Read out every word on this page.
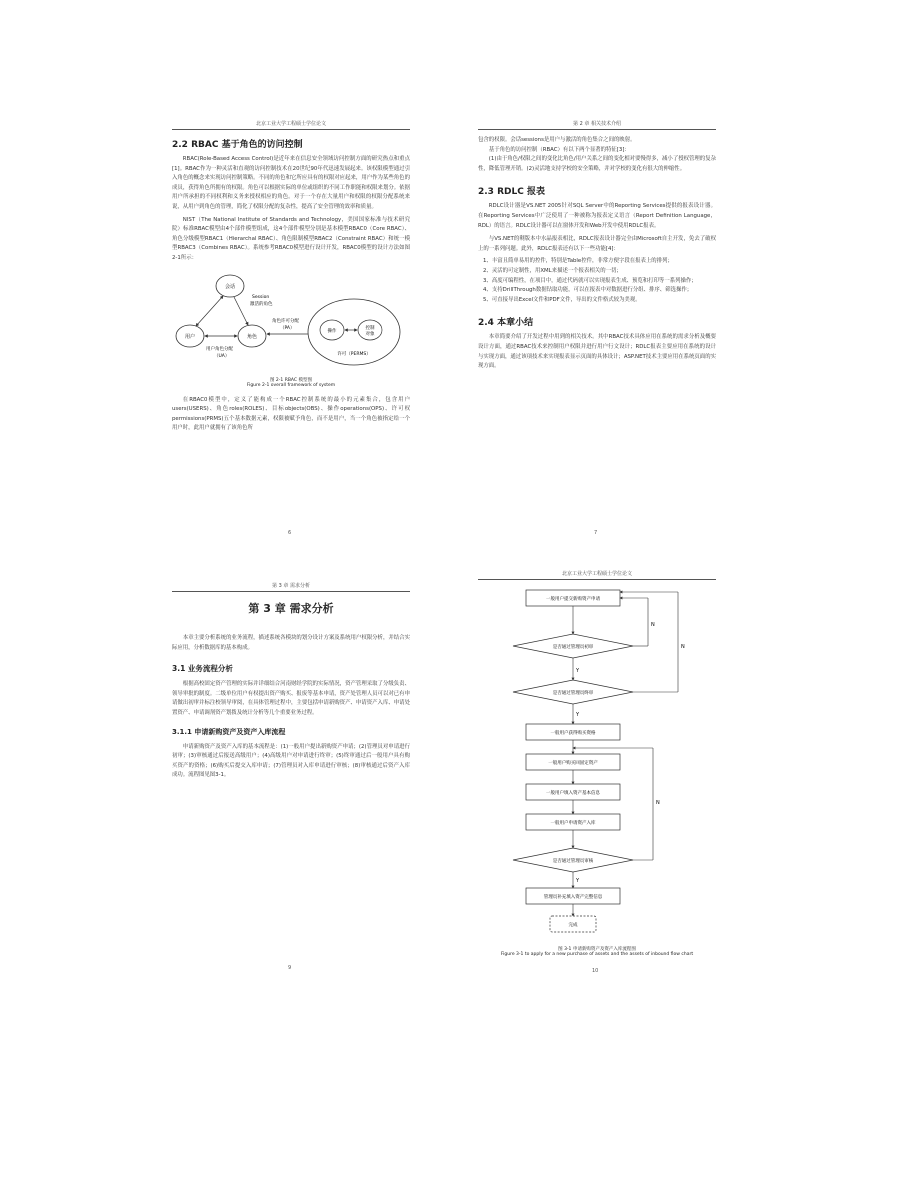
北京工业大学工程硕士学位论文
2.2 RBAC 基于角色的访问控制

RBAC(Role-Based Access Control)是近年来在信息安全领域访问控制方面的研究热点和重点[1]。RBAC作为一种灵活和直观的访问控制技术在20世纪90年代迅速发展起来。该权限模型通过引入角色的概念来实现访问控制策略。不同的角色和它所应具有的权限对应起来，用户作为某些角色的成员，获得角色所拥有的权限。角色可以根据实际的单位或组织的不同工作职能和权限来划分。依据用户所承担的不同权利和义务来授权相应的角色。对于一个存在大量用户和权限的权限分配系统来说，从用户到角色的管理，简化了权限分配的复杂性，提高了安全管理的效率和质量。

NIST（The National Institute of Standards and Technology，美国国家标准与技术研究院）标准RBAC模型由4个部件模型组成，这4个部件模型分别是基本模型RBAC0（Core RBAC）、角色分级模型RBAC1（Hierarchal RBAC）、角色限制模型RBAC2（Constraint RBAC）和统一模型RBAC3（Combines RBAC）。系统参考RBAC0模型进行设计开发，RBAC0模型的设计方法如图2-1所示：

会话
Session
激活的角色
用户	角色
用户角色分配
（UA）
角色许可分配
（PA）
操作
控制
对象
许可（PERMS）
图 2-1 RBAC 模型图
Figure 2-1 overall framework of system

在RBAC0模型中，定义了能构成一个RBAC控制系统的最小的元素集合，包含用户users(USERS)、角色roles(ROLES)、目标objects(OBS)、操作operations(OPS)、许可权permissions(PRMS)五个基本数据元素，权限被赋予角色，而不是用户，当一个角色被指定给一个用户时，此用户就拥有了该角色所

6
第 2 章 相关技术介绍

包含的权限。会话sessions是用户与激活的角色集合之间的映射。

基于角色的访问控制（RBAC）有以下两个显著的特征[3]：

(1)由于角色/权限之间的变化比角色/用户关系之间的变化相对要慢得多，减小了授权管理的复杂性，降低管理开销。(2)灵活地支持学校的安全策略，并对学校的变化有很大的伸缩性。

2.3 RDLC 报表

RDLC设计器是VS.NET 2005针对SQL Server中的Reporting Services提供的报表设计器。在Reporting Services中广泛使用了一种被称为报表定义语言（Report Definition Language，RDL）的语言。RDLC设计器可以在窗体开发和Web开发中使用RDLC报表。

与VS.NET的剩版本中水晶报表相比，RDLC报表设计器完全由Microsoft自主开发，免去了破权上的一系列问题。此外，RDLC报表还有以下一些功能[4]：

1、丰富且简单易用的控件，特别是Table控件，非常方便字段在报表上的排列；

2、灵活的可定制性，用XML来描述一个报表相关的一切；

3、高度可编程性，在项目中，通过代码就可以实现报表生成、预览和打印等一系列操作；

4、支持DrillThrough数据钻取功能，可以在报表中对数据进行分组、排序、筛选操作；

5、可直接导出Excel文件和PDF文件，导出的文件格式较为美观。

2.4 本章小结

本章简要介绍了开发过程中用到的相关技术。其中RBAC技术具体应用在系统的需求分析及概要设计方面，通过RBAC技术来控制用户权限并进行用户行文设计；RDLC报表主要应用在系统的设计与实现方面，通过该项技术来实现报表显示页面的具体设计；ASP.NET技术主要应用在系统页面的实现方面。

7
第 3 章 需求分析
第 3 章 需求分析

本章主要分析系统的业务流程，描述系统各模块的划分设计方案及系统用户权限分析，并结合实际应用，分析数据库的基本构成。

3.1 业务流程分析

根据高校固定资产管理的实际并详细结合河南财经学院的实际情况，资产管理采取了分级负责、领导审批的制度。二级单位用户有权提出资产购买、报废等基本申请，资产处管理人员可以对已有申请做出初审并标注校领导审阅，在具体管理过程中，主要包括申请新购资产、申请资产入库、申请处置资产、申请调剂资产划拨及统计分析等几个重要业务过程。

3.1.1 申请新购资产及资产入库流程

申请新购资产及资产入库的基本流程是：(1)一般用户提出新购资产申请；(2)管理员对申请进行初审；(3)审核通过后报送高级用户；(4)高级用户对申请进行终审；(5)终审通过后一般用户具有购买资产的资格；(6)购买后提交入库申请；(7)管理员对入库申请进行审核；(8)审核通过后资产入库成功。流程图见图3-1。

9
北京工业大学工程硕士学位论文
一般用户提交新购资产申请
是否通过管理员初审
N
Y
是否通过管理员终审
N
Y
一般用户获得购买资格
一般用户购买回固定资产
一般用户填入资产基本信息
一般用户申请资产入库
是否通过管理员审核
N
Y
管理员补充填入资产完整信息
完成
图 3-1 申请新购资产及资产入库流程图
Figure 3-1 to apply for a new purchase of assets and the assets of inbound flow chart
10
